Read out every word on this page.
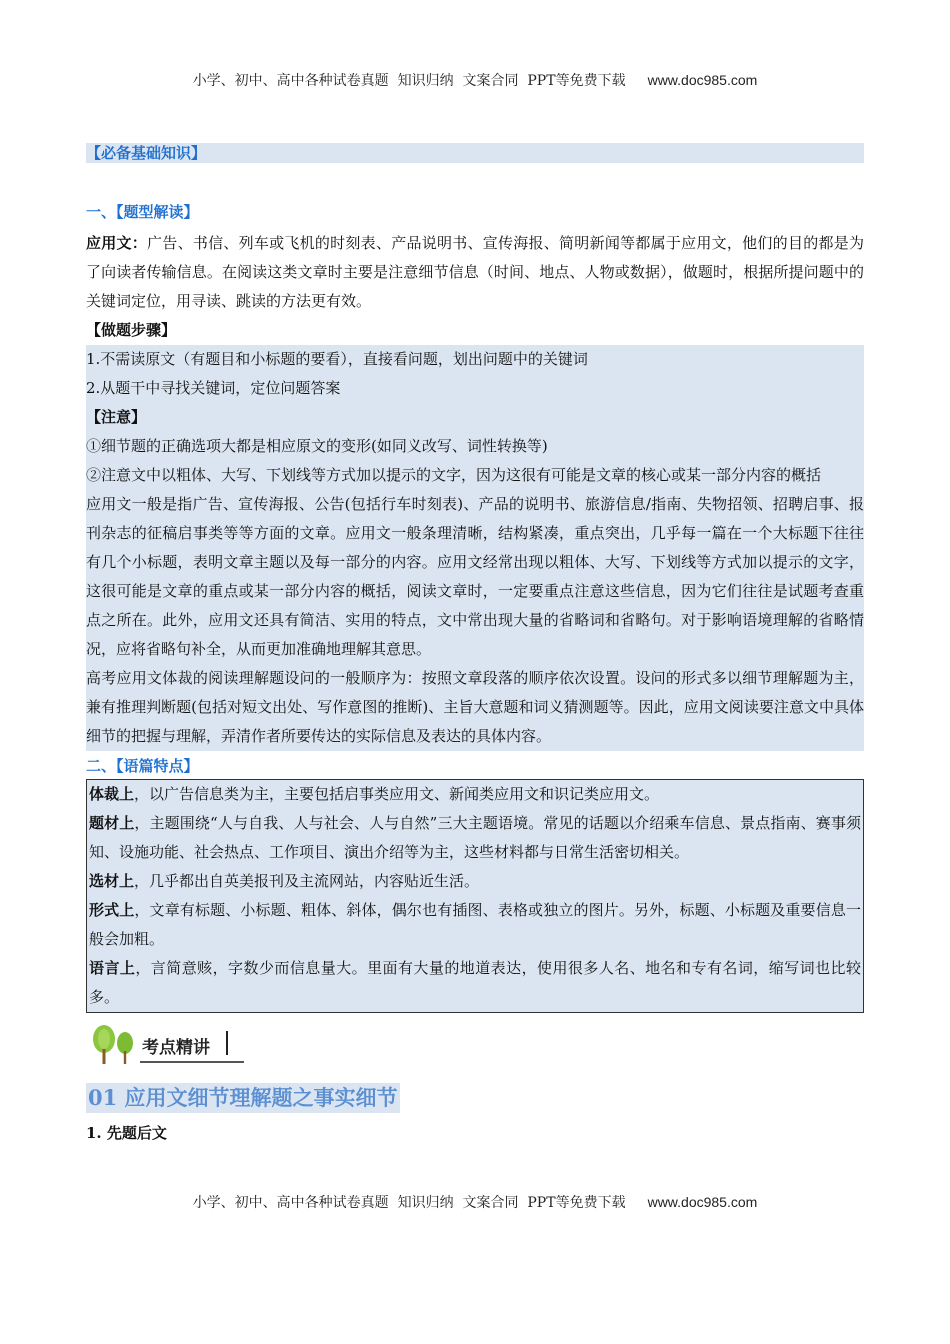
小学、初中、高中各种试卷真题  知识归纳  文案合同  PPT等免费下载 www.doc985.com
【必备基础知识】
一、【题型解读】

应用文：广告、书信、列车或飞机的时刻表、产品说明书、宣传海报、简明新闻等都属于应用文，他们的目的都是为了向读者传输信息。在阅读这类文章时主要是注意细节信息（时间、地点、人物或数据），做题时，根据所提问题中的关键词定位，用寻读、跳读的方法更有效。

【做题步骤】

1.不需读原文（有题目和小标题的要看），直接看问题，划出问题中的关键词

2.从题干中寻找关键词，定位问题答案

【注意】

①细节题的正确选项大都是相应原文的变形(如同义改写、词性转换等)

②注意文中以粗体、大写、下划线等方式加以提示的文字，因为这很有可能是文章的核心或某一部分内容的概括

应用文一般是指广告、宣传海报、公告(包括行车时刻表)、产品的说明书、旅游信息/指南、失物招领、招聘启事、报刊杂志的征稿启事类等等方面的文章。应用文一般条理清晰，结构紧凑，重点突出，几乎每一篇在一个大标题下往往有几个小标题，表明文章主题以及每一部分的内容。应用文经常出现以粗体、大写、下划线等方式加以提示的文字，这很可能是文章的重点或某一部分内容的概括，阅读文章时，一定要重点注意这些信息，因为它们往往是试题考查重点之所在。此外，应用文还具有简洁、实用的特点，文中常出现大量的省略词和省略句。对于影响语境理解的省略情况，应将省略句补全，从而更加准确地理解其意思。

高考应用文体裁的阅读理解题设问的一般顺序为：按照文章段落的顺序依次设置。设问的形式多以细节理解题为主，兼有推理判断题(包括对短文出处、写作意图的推断)、主旨大意题和词义猜测题等。因此，应用文阅读要注意文中具体细节的把握与理解，弄清作者所要传达的实际信息及表达的具体内容。

二、【语篇特点】

体裁上，以广告信息类为主，主要包括启事类应用文、新闻类应用文和识记类应用文。

题材上，主题围绕“人与自我、人与社会、人与自然”三大主题语境。常见的话题以介绍乘车信息、景点指南、赛事须知、设施功能、社会热点、工作项目、演出介绍等为主，这些材料都与日常生活密切相关。

选材上，几乎都出自英美报刊及主流网站，内容贴近生活。

形式上，文章有标题、小标题、粗体、斜体，偶尔也有插图、表格或独立的图片。另外，标题、小标题及重要信息一般会加粗。

语言上，言简意赅，字数少而信息量大。里面有大量的地道表达，使用很多人名、地名和专有名词，缩写词也比较多。

考点精讲
01 应用文细节理解题之事实细节

1. 先题后文

小学、初中、高中各种试卷真题  知识归纳  文案合同  PPT等免费下载 www.doc985.com
